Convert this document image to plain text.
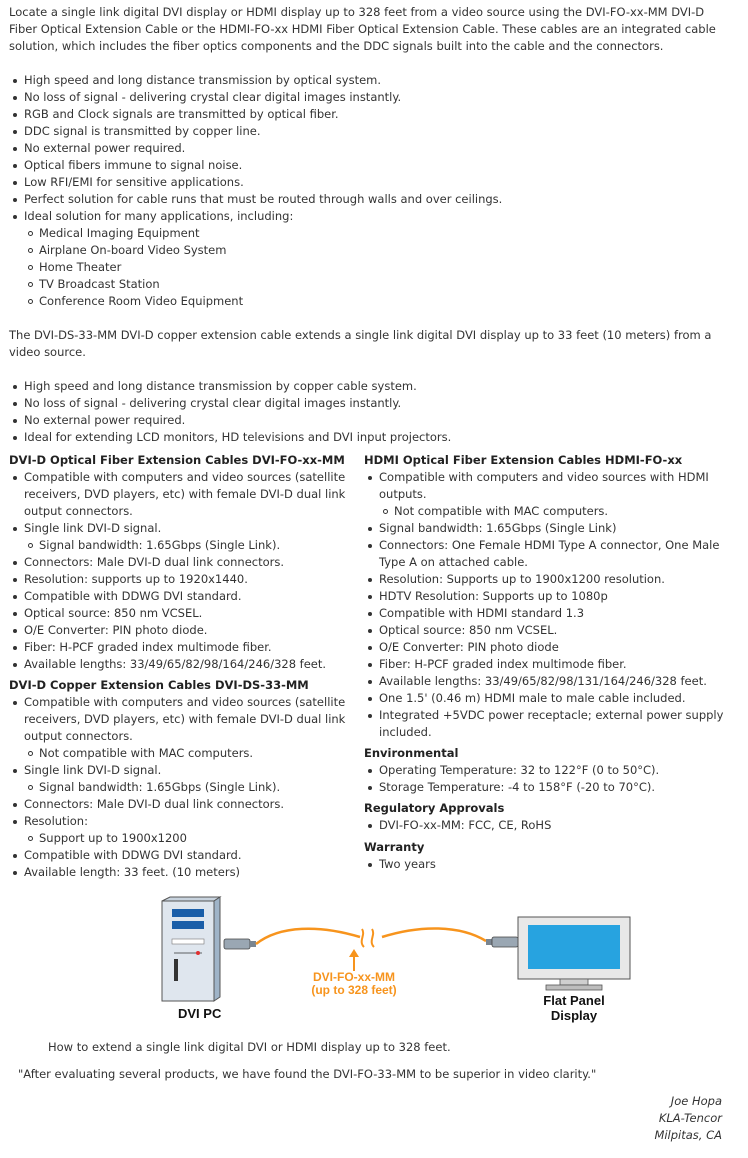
Locate a single link digital DVI display or HDMI display up to 328 feet from a video source using the DVI-FO-xx-MM DVI-D Fiber Optical Extension Cable or the HDMI-FO-xx HDMI Fiber Optical Extension Cable. These cables are an integrated cable solution, which includes the fiber optics components and the DDC signals built into the cable and the connectors.

High speed and long distance transmission by optical system.
No loss of signal - delivering crystal clear digital images instantly.
RGB and Clock signals are transmitted by optical fiber.
DDC signal is transmitted by copper line.
No external power required.
Optical fibers immune to signal noise.
Low RFI/EMI for sensitive applications.
Perfect solution for cable runs that must be routed through walls and over ceilings.
Ideal solution for many applications, including:
Medical Imaging Equipment
Airplane On-board Video System
Home Theater
TV Broadcast Station
Conference Room Video Equipment

The DVI-DS-33-MM DVI-D copper extension cable extends a single link digital DVI display up to 33 feet (10 meters) from a video source.

High speed and long distance transmission by copper cable system.
No loss of signal - delivering crystal clear digital images instantly.
No external power required.
Ideal for extending LCD monitors, HD televisions and DVI input projectors.
DVI-D Optical Fiber Extension Cables DVI-FO-xx-MM
Compatible with computers and video sources (satellite receivers, DVD players, etc) with female DVI-D dual link output connectors.
Single link DVI-D signal.
Signal bandwidth: 1.65Gbps (Single Link).
Connectors: Male DVI-D dual link connectors.
Resolution: supports up to 1920x1440.
Compatible with DDWG DVI standard.
Optical source: 850 nm VCSEL.
O/E Converter: PIN photo diode.
Fiber: H-PCF graded index multimode fiber.
Available lengths: 33/49/65/82/98/164/246/328 feet.
DVI-D Copper Extension Cables DVI-DS-33-MM
Compatible with computers and video sources (satellite receivers, DVD players, etc) with female DVI-D dual link output connectors.
Not compatible with MAC computers.
Single link DVI-D signal.
Signal bandwidth: 1.65Gbps (Single Link).
Connectors: Male DVI-D dual link connectors.
Resolution:
Support up to 1900x1200
Compatible with DDWG DVI standard.
Available length: 33 feet. (10 meters)
HDMI Optical Fiber Extension Cables HDMI-FO-xx
Compatible with computers and video sources with HDMI outputs.
Not compatible with MAC computers.
Signal bandwidth: 1.65Gbps (Single Link)
Connectors: One Female HDMI Type A connector, One Male Type A on attached cable.
Resolution: Supports up to 1900x1200 resolution.
HDTV Resolution: Supports up to 1080p
Compatible with HDMI standard 1.3
Optical source: 850 nm VCSEL.
O/E Converter: PIN photo diode
Fiber: H-PCF graded index multimode fiber.
Available lengths: 33/49/65/82/98/131/164/246/328 feet.
One 1.5' (0.46 m) HDMI male to male cable included.
Integrated +5VDC power receptacle; external power supply included.
Environmental
Operating Temperature: 32 to 122°F (0 to 50°C).
Storage Temperature: -4 to 158°F (-20 to 70°C).
Regulatory Approvals
DVI-FO-xx-MM: FCC, CE, RoHS
Warranty
Two years
DVI PC
DVI-FO-xx-MM
(up to 328 feet)
Flat Panel
Display
How to extend a single link digital DVI or HDMI display up to 328 feet.
"After evaluating several products, we have found the DVI-FO-33-MM to be superior in video clarity."
Joe Hopa
KLA-Tencor
Milpitas, CA
